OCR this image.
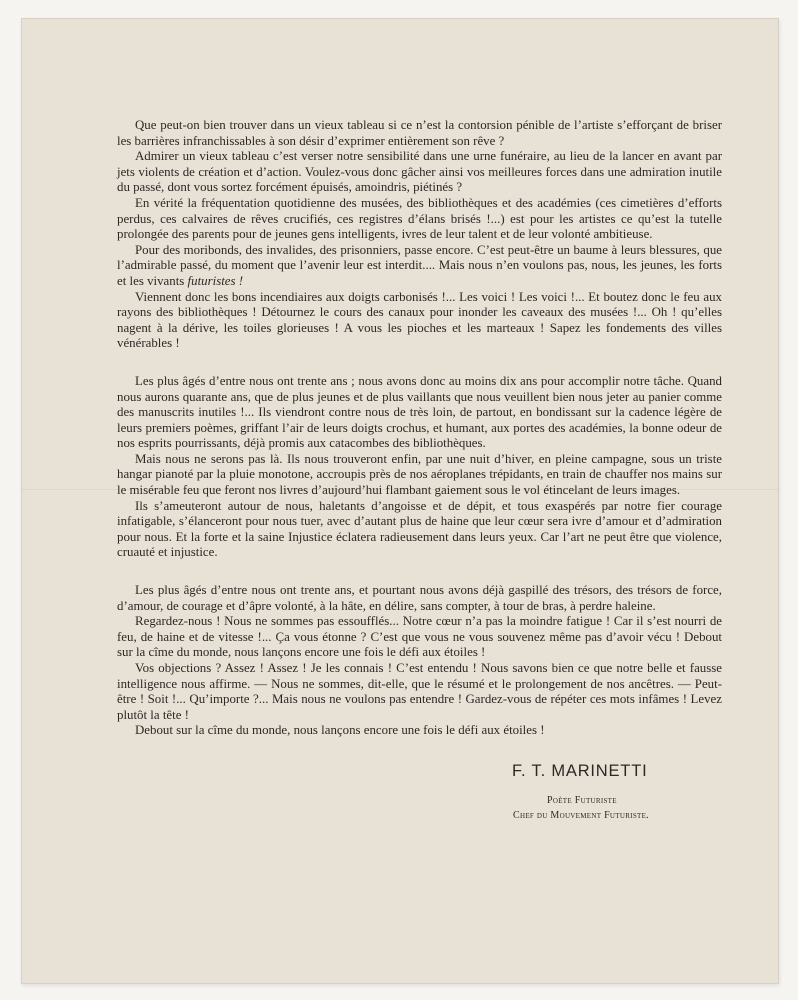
Que peut-on bien trouver dans un vieux tableau si ce n’est la contorsion pénible de l’artiste s’efforçant de briser les barrières infranchissables à son désir d’exprimer entièrement son rêve ?

Admirer un vieux tableau c’est verser notre sensibilité dans une urne funéraire, au lieu de la lancer en avant par jets violents de création et d’action. Voulez-vous donc gâcher ainsi vos meilleures forces dans une admiration inutile du passé, dont vous sortez forcément épuisés, amoindris, piétinés ?

En vérité la fréquentation quotidienne des musées, des bibliothèques et des académies (ces cimetières d’efforts perdus, ces calvaires de rêves crucifiés, ces registres d’élans brisés !...) est pour les artistes ce qu’est la tutelle prolongée des parents pour de jeunes gens intelligents, ivres de leur talent et de leur volonté ambitieuse.

Pour des moribonds, des invalides, des prisonniers, passe encore. C’est peut-être un baume à leurs blessures, que l’admirable passé, du moment que l’avenir leur est interdit.... Mais nous n’en voulons pas, nous, les jeunes, les forts et les vivants futuristes !

Viennent donc les bons incendiaires aux doigts carbonisés !... Les voici ! Les voici !... Et boutez donc le feu aux rayons des bibliothèques ! Détournez le cours des canaux pour inonder les caveaux des musées !... Oh ! qu’elles nagent à la dérive, les toiles glorieuses ! A vous les pioches et les marteaux ! Sapez les fondements des villes vénérables !

Les plus âgés d’entre nous ont trente ans ; nous avons donc au moins dix ans pour accomplir notre tâche. Quand nous aurons quarante ans, que de plus jeunes et de plus vaillants que nous veuillent bien nous jeter au panier comme des manuscrits inutiles !... Ils viendront contre nous de très loin, de partout, en bondissant sur la cadence légère de leurs premiers poèmes, griffant l’air de leurs doigts crochus, et humant, aux portes des académies, la bonne odeur de nos esprits pourrissants, déjà promis aux catacombes des bibliothèques.

Mais nous ne serons pas là. Ils nous trouveront enfin, par une nuit d’hiver, en pleine campagne, sous un triste hangar pianoté par la pluie monotone, accroupis près de nos aéroplanes trépidants, en train de chauffer nos mains sur le misérable feu que feront nos livres d’aujourd’hui flambant gaiement sous le vol étincelant de leurs images.

Ils s’ameuteront autour de nous, haletants d’angoisse et de dépit, et tous exaspérés par notre fier courage infatigable, s’élanceront pour nous tuer, avec d’autant plus de haine que leur cœur sera ivre d’amour et d’admiration pour nous. Et la forte et la saine Injustice éclatera radieusement dans leurs yeux. Car l’art ne peut être que violence, cruauté et injustice.

Les plus âgés d’entre nous ont trente ans, et pourtant nous avons déjà gaspillé des trésors, des trésors de force, d’amour, de courage et d’âpre volonté, à la hâte, en délire, sans compter, à tour de bras, à perdre haleine.

Regardez-nous ! Nous ne sommes pas essoufflés... Notre cœur n’a pas la moindre fatigue ! Car il s’est nourri de feu, de haine et de vitesse !... Ça vous étonne ? C’est que vous ne vous souvenez même pas d’avoir vécu ! Debout sur la cîme du monde, nous lançons encore une fois le défi aux étoiles !

Vos objections ? Assez ! Assez ! Je les connais ! C’est entendu ! Nous savons bien ce que notre belle et fausse intelligence nous affirme. — Nous ne sommes, dit-elle, que le résumé et le prolongement de nos ancêtres. — Peut-être ! Soit !... Qu’importe ?... Mais nous ne voulons pas entendre ! Gardez-vous de répéter ces mots infâmes ! Levez plutôt la tête !

Debout sur la cîme du monde, nous lançons encore une fois le défi aux étoiles !

F. T. MARINETTI
Poète Futuriste
Chef du Mouvement Futuriste.
